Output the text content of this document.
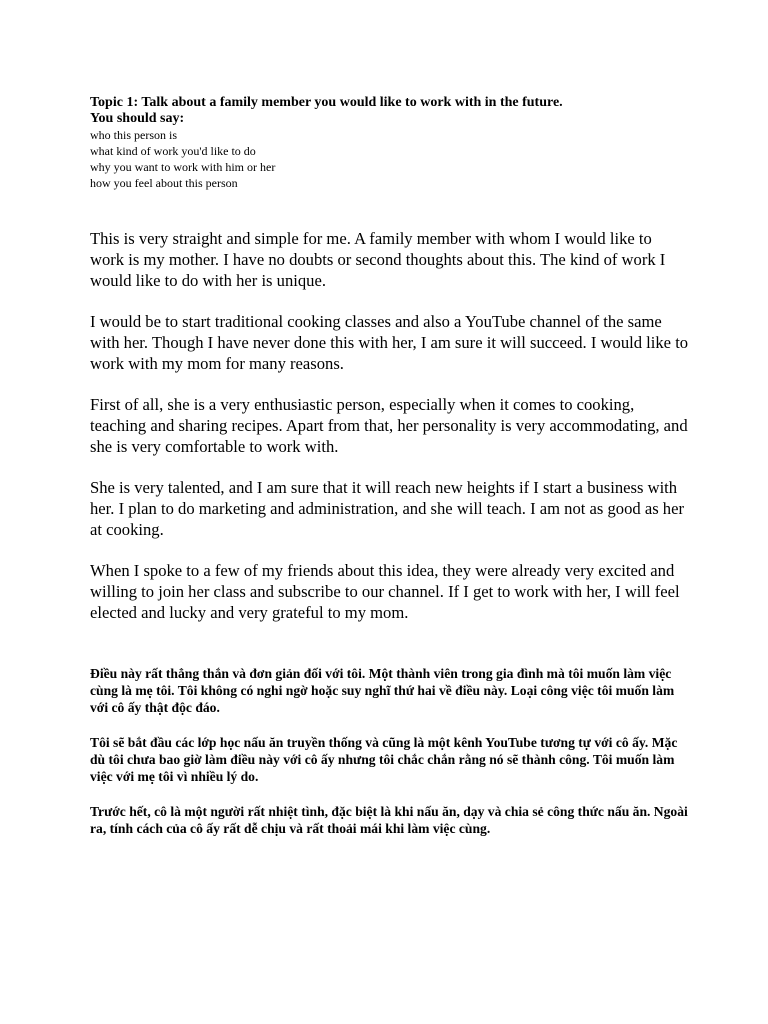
Topic 1: Talk about a family member you would like to work with in the future.

You should say:

who this person is
what kind of work you'd like to do
why you want to work with him or her
how you feel about this person

This is very straight and simple for me. A family member with whom I would like to work is my mother. I have no doubts or second thoughts about this. The kind of work I would like to do with her is unique.

I would be to start traditional cooking classes and also a YouTube channel of the same with her. Though I have never done this with her, I am sure it will succeed. I would like to work with my mom for many reasons.

First of all, she is a very enthusiastic person, especially when it comes to cooking, teaching and sharing recipes. Apart from that, her personality is very accommodating, and she is very comfortable to work with.

She is very talented, and I am sure that it will reach new heights if I start a business with her. I plan to do marketing and administration, and she will teach. I am not as good as her at cooking.

When I spoke to a few of my friends about this idea, they were already very excited and willing to join her class and subscribe to our channel. If I get to work with her, I will feel elected and lucky and very grateful to my mom.

Điều này rất thẳng thắn và đơn giản đối với tôi. Một thành viên trong gia đình mà tôi muốn làm việc cùng là mẹ tôi. Tôi không có nghi ngờ hoặc suy nghĩ thứ hai về điều này. Loại công việc tôi muốn làm với cô ấy thật độc đáo.

Tôi sẽ bắt đầu các lớp học nấu ăn truyền thống và cũng là một kênh YouTube tương tự với cô ấy. Mặc dù tôi chưa bao giờ làm điều này với cô ấy nhưng tôi chắc chắn rằng nó sẽ thành công. Tôi muốn làm việc với mẹ tôi vì nhiều lý do.

Trước hết, cô là một người rất nhiệt tình, đặc biệt là khi nấu ăn, dạy và chia sẻ công thức nấu ăn. Ngoài ra, tính cách của cô ấy rất dễ chịu và rất thoải mái khi làm việc cùng.
